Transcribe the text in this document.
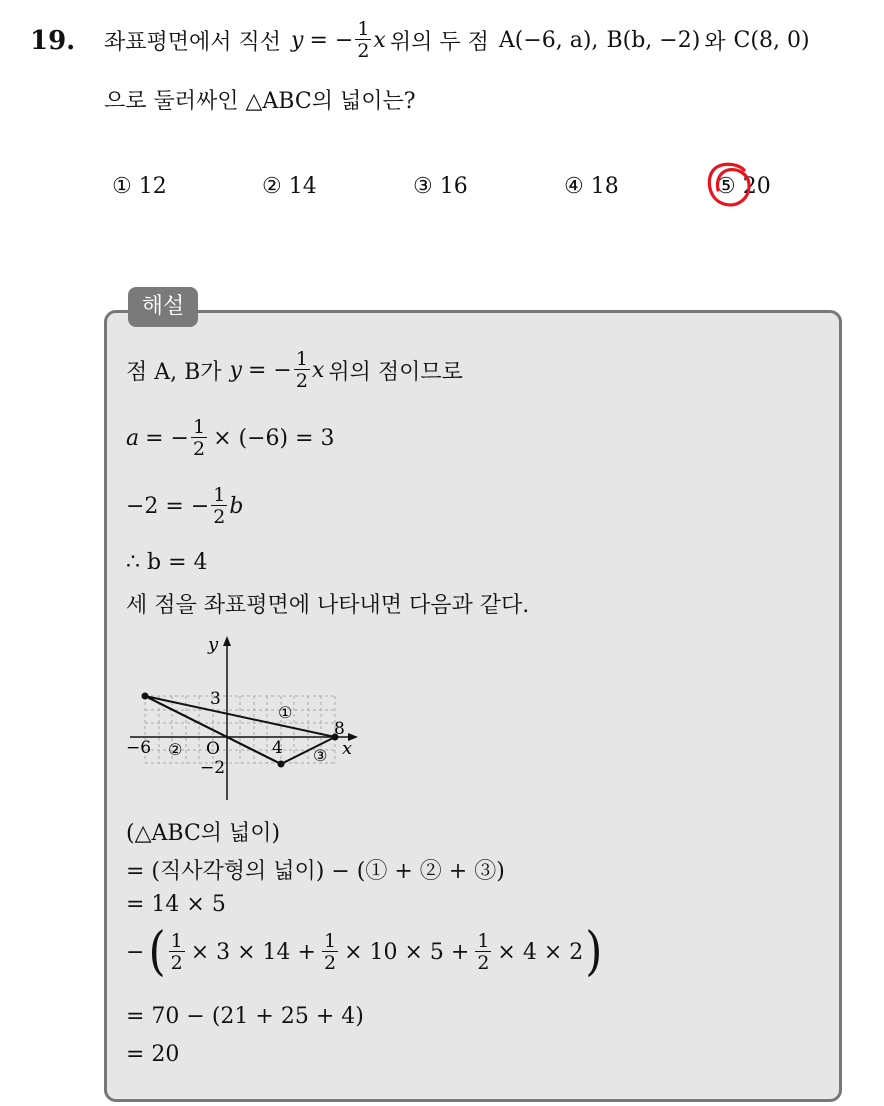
19. 좌표평면에서 직선 y = − $\frac{1}{2}$ x 위의 두 점 A(−6, a), B(b, −2) 와 C(8, 0)
으로 둘러싸인 △ABC의 넓이는?
① 12	② 14	③ 16	④ 18	⑤ 20
해설
점 A, B가 y = − $\frac{1}{2}$ x 위의 점이므로
a = − $\frac{1}{2} \times (-6) = 3$
−2 = − $\frac{1}{2}$ b
∴ b = 4
세 점을 좌표평면에 나타내면 다음과 같다.
y
x
3
−6 ② O
−2
4
8
①
③
(△ABC의 넓이)
= (직사각형의 넓이) − (① + ② + ③)
= 14 × 5
− ( $\frac{1}{2} \times 3 \times 14 + \frac{1}{2} \times 10 \times 5 + \frac{1}{2} \times 4 \times 2$ )
= 70 − (21 + 25 + 4)
= 20
